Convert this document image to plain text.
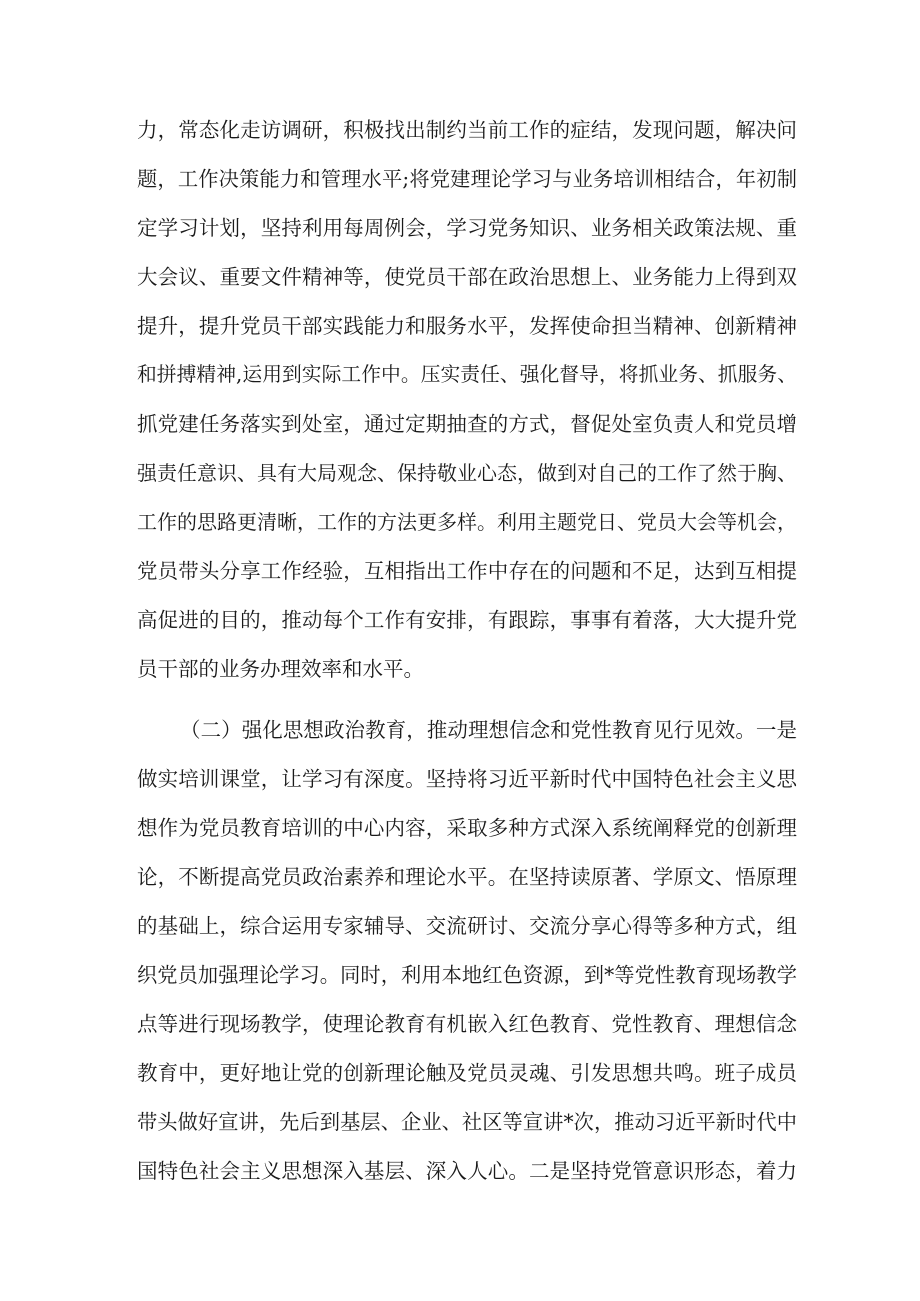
力，常态化走访调研，积极找出制约当前工作的症结，发现问题，解决问
题，工作决策能力和管理水平;将党建理论学习与业务培训相结合，年初制
定学习计划，坚持利用每周例会，学习党务知识、业务相关政策法规、重
大会议、重要文件精神等，使党员干部在政治思想上、业务能力上得到双
提升，提升党员干部实践能力和服务水平，发挥使命担当精神、创新精神
和拼搏精神,运用到实际工作中。压实责任、强化督导，将抓业务、抓服务、
抓党建任务落实到处室，通过定期抽查的方式，督促处室负责人和党员增
强责任意识、具有大局观念、保持敬业心态，做到对自己的工作了然于胸、
工作的思路更清晰，工作的方法更多样。利用主题党日、党员大会等机会，
党员带头分享工作经验，互相指出工作中存在的问题和不足，达到互相提
高促进的目的，推动每个工作有安排，有跟踪，事事有着落，大大提升党
员干部的业务办理效率和水平。
（二）强化思想政治教育，推动理想信念和党性教育见行见效。一是
做实培训课堂，让学习有深度。坚持将习近平新时代中国特色社会主义思
想作为党员教育培训的中心内容，采取多种方式深入系统阐释党的创新理
论，不断提高党员政治素养和理论水平。在坚持读原著、学原文、悟原理
的基础上，综合运用专家辅导、交流研讨、交流分享心得等多种方式，组
织党员加强理论学习。同时，利用本地红色资源，到*等党性教育现场教学
点等进行现场教学，使理论教育有机嵌入红色教育、党性教育、理想信念
教育中，更好地让党的创新理论触及党员灵魂、引发思想共鸣。班子成员
带头做好宣讲，先后到基层、企业、社区等宣讲*次，推动习近平新时代中
国特色社会主义思想深入基层、深入人心。二是坚持党管意识形态，着力
